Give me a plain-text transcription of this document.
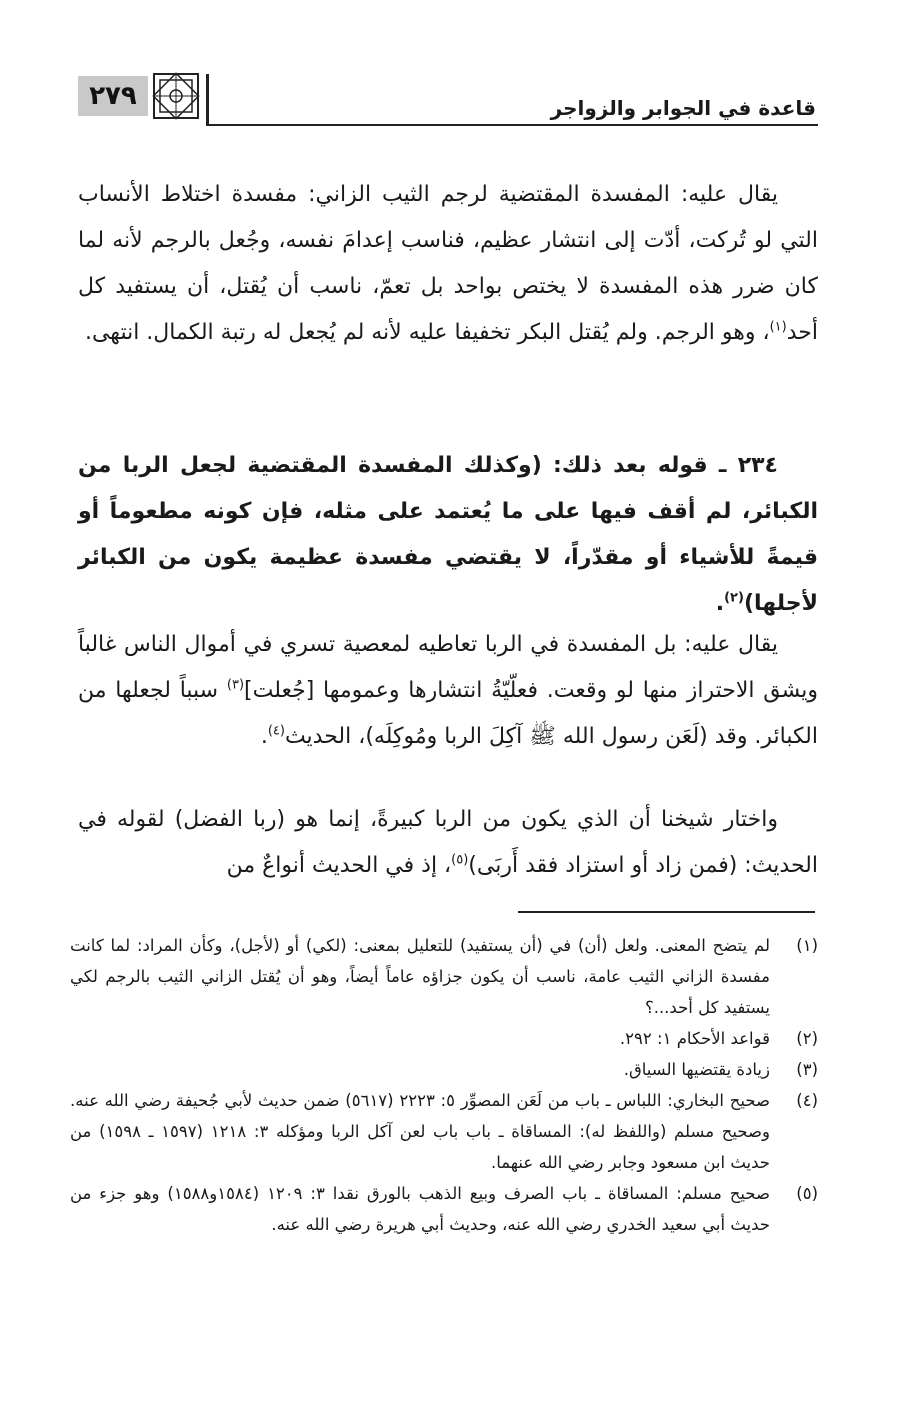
٢٧٩	قاعدة في الجوابر والزواجر
يقال عليه: المفسدة المقتضية لرجم الثيب الزاني: مفسدة اختلاط الأنساب التي لو تُركت، أدّت إلى انتشار عظيم، فناسب إعدامَ نفسه، وجُعل بالرجم لأنه لما كان ضرر هذه المفسدة لا يختص بواحد بل تعمّ، ناسب أن يُقتل، أن يستفيد كل أحد$^{(١)}$، وهو الرجم. ولم يُقتل البكر تخفيفا عليه لأنه لم يُجعل له رتبة الكمال. انتهى.
٢٣٤ ـ قوله بعد ذلك: (وكذلك المفسدة المقتضية لجعل الربا من الكبائر، لم أقف فيها على ما يُعتمد على مثله، فإن كونه مطعوماً أو قيمةً للأشياء أو مقدّراً، لا يقتضي مفسدة عظيمة يكون من الكبائر لأجلها)$^{(٢)}$.
يقال عليه: بل المفسدة في الربا تعاطيه لمعصية تسري في أموال الناس غالباً ويشق الاحتراز منها لو وقعت. فعلّيّةُ انتشارها وعمومها [جُعلت]$^{(٣)}$ سبباً لجعلها من الكبائر. وقد (لَعَن رسول الله ﷺ آكِلَ الربا ومُوكِلَه)، الحديث$^{(٤)}$.
واختار شيخنا أن الذي يكون من الربا كبيرةً، إنما هو (ربا الفضل) لقوله في الحديث: (فمن زاد أو استزاد فقد أَربَى)$^{(٥)}$، إذ في الحديث أنواعٌ من
(١)
لم يتضح المعنى. ولعل (أن) في (أن يستفيد) للتعليل بمعنى: (لكي) أو (لأجل)، وكأن المراد: لما كانت مفسدة الزاني الثيب عامة، ناسب أن يكون جزاؤه عاماً أيضاً، وهو أن يُقتل الزاني الثيب بالرجم لكي يستفيد كل أحد...؟
(٢)
قواعد الأحكام ١: ٢٩٢.
(٣)
زيادة يقتضيها السياق.
(٤)
صحيح البخاري: اللباس ـ باب من لَعَن المصوِّر ٥: ٢٢٢٣ (٥٦١٧) ضمن حديث لأبي جُحيفة رضي الله عنه. وصحيح مسلم (واللفظ له): المساقاة ـ باب باب لعن آكل الربا ومؤكله ٣: ١٢١٨ (١٥٩٧ ـ ١٥٩٨) من حديث ابن مسعود وجابر رضي الله عنهما.
(٥)
صحيح مسلم: المساقاة ـ باب الصرف وبيع الذهب بالورق نقدا ٣: ١٢٠٩ (١٥٨٤و١٥٨٨) وهو جزء من حديث أبي سعيد الخدري رضي الله عنه، وحديث أبي هريرة رضي الله عنه.
